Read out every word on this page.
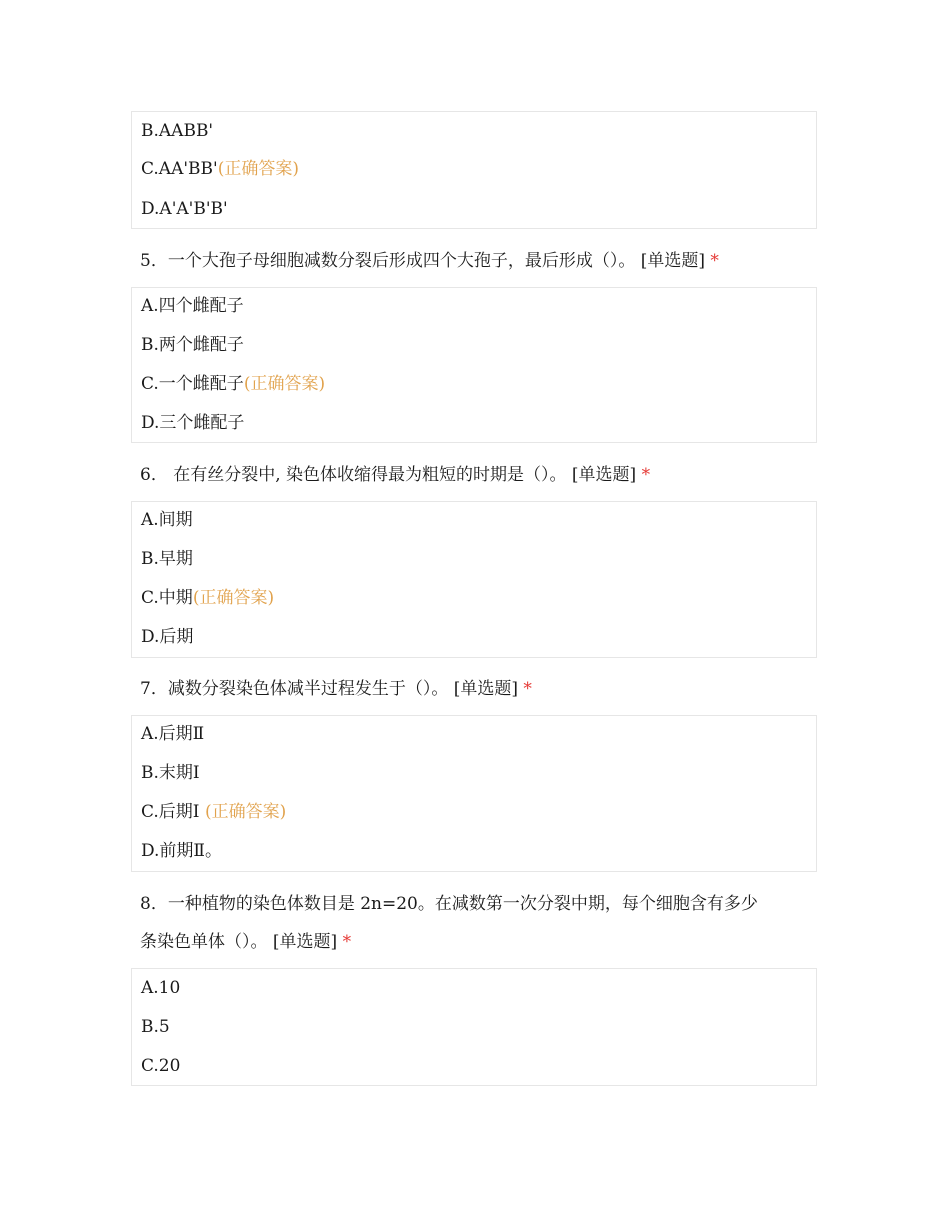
B.AABB'
C.AA'BB'(正确答案)
D.A'A'B'B'
5．一个大孢子母细胞减数分裂后形成四个大孢子，最后形成（）。 [单选题] *
A.四个雌配子
B.两个雌配子
C.一个雌配子(正确答案)
D.三个雌配子
6． 在有丝分裂中, 染色体收缩得最为粗短的时期是（）。 [单选题] *
A.间期
B.早期
C.中期(正确答案)
D.后期
7．减数分裂染色体减半过程发生于（）。 [单选题] *
A.后期Ⅱ
B.末期Ⅰ
C.后期Ⅰ (正确答案)
D.前期Ⅱ。
8．一种植物的染色体数目是 2n=20。在减数第一次分裂中期，每个细胞含有多少
条染色单体（）。 [单选题] *
A.10
B.5
C.20
